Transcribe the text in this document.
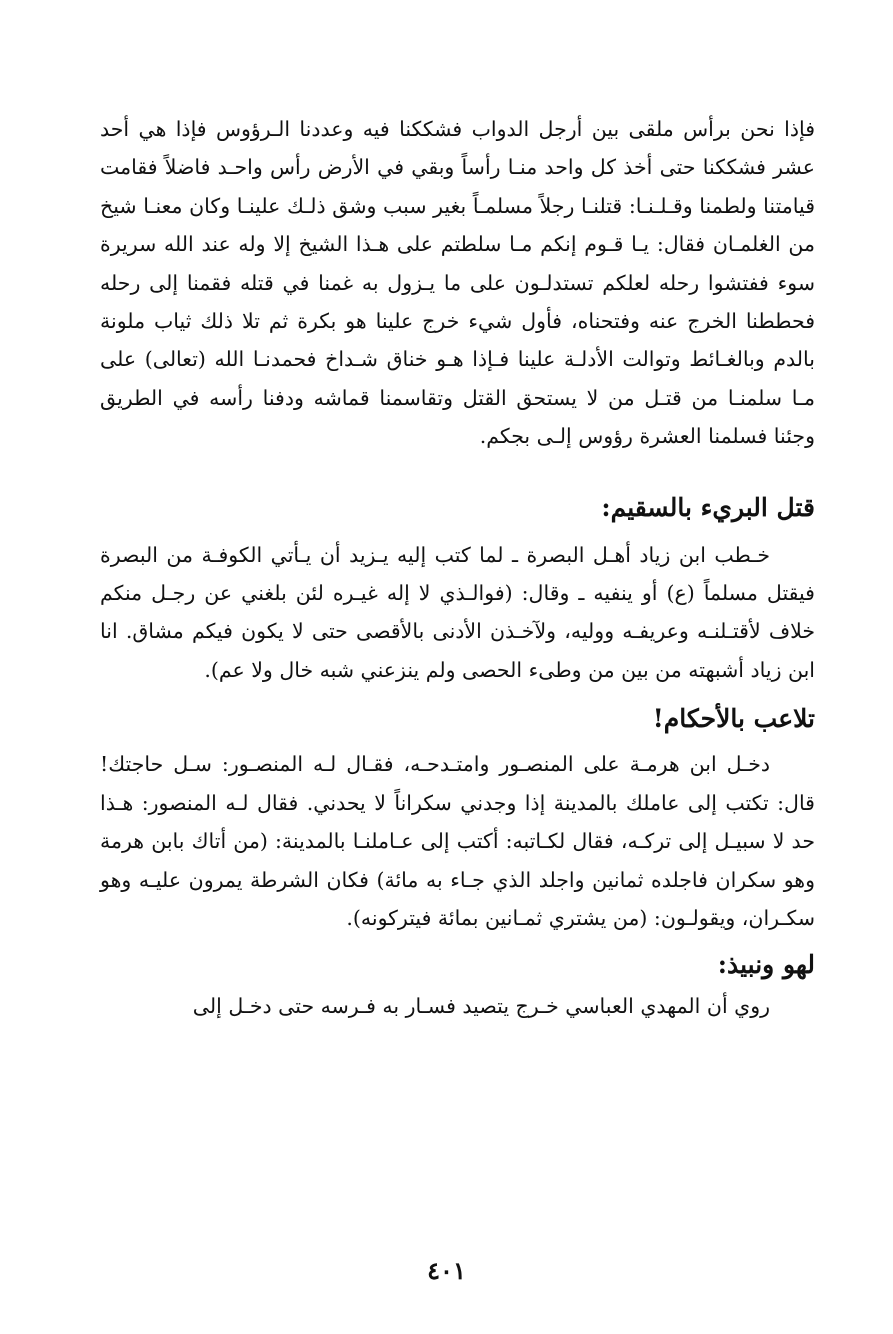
فإذا نحن برأس ملقى بين أرجل الدواب فشككنا فيه وعددنا الـرؤوس فإذا هي أحد عشر فشككنا حتى أخذ كل واحد منـا رأساً وبقي في الأرض رأس واحـد فاضلاً فقامت قيامتنا ولطمنا وقـلـنـا: قتلنـا رجلاً مسلمـاً بغير سبب وشق ذلـك علينـا وكان معنـا شيخ من الغلمـان فقال: يـا قـوم إنكم مـا سلطتم على هـذا الشيخ إلا وله عند الله سريرة سوء ففتشوا رحله لعلكم تستدلـون على ما يـزول به غمنا في قتله فقمنا إلى رحله فحططنا الخرج عنه وفتحناه، فأول شيء خرج علينا هو بكرة ثم تلا ذلك ثياب ملونة بالدم وبالغـائط وتوالت الأدلـة علينا فـإذا هـو خناق شـداخ فحمدنـا الله (تعالى) على مـا سلمنـا من قتـل من لا يستحق القتل وتقاسمنا قماشه ودفنا رأسه في الطريق وجئنا فسلمنا العشرة رؤوس إلـى بجكم.

قتل البريء بالسقيم:

خـطب ابن زياد أهـل البصرة ـ لما كتب إليه يـزيد أن يـأتي الكوفـة من البصرة فيقتل مسلماً (ع) أو ينفيه ـ وقال: (فوالـذي لا إله غيـره لئن بلغني عن رجـل منكم خلاف لأقتـلنـه وعريفـه ووليه، ولآخـذن الأدنى بالأقصى حتى لا يكون فيكم مشاق. انا ابن زياد أشبهته من بين من وطىء الحصى ولم ينزعني شبه خال ولا عم).

تلاعب بالأحكام!

دخـل ابن هرمـة على المنصـور وامتـدحـه، فقـال لـه المنصـور: سـل حاجتك! قال: تكتب إلى عاملك بالمدينة إذا وجدني سكراناً لا يحدني. فقال لـه المنصور: هـذا حد لا سبيـل إلى تركـه، فقال لكـاتبه: أكتب إلى عـاملنـا بالمدينة: (من أتاك بابن هرمة وهو سكران فاجلده ثمانين واجلد الذي جـاء به مائة) فكان الشرطة يمرون عليـه وهو سكـران، ويقولـون: (من يشتري ثمـانين بمائة فيتركونه).

لهو ونبيذ:

روي أن المهدي العباسي خـرج يتصيد فسـار به فـرسه حتى دخـل إلى

٤٠١
